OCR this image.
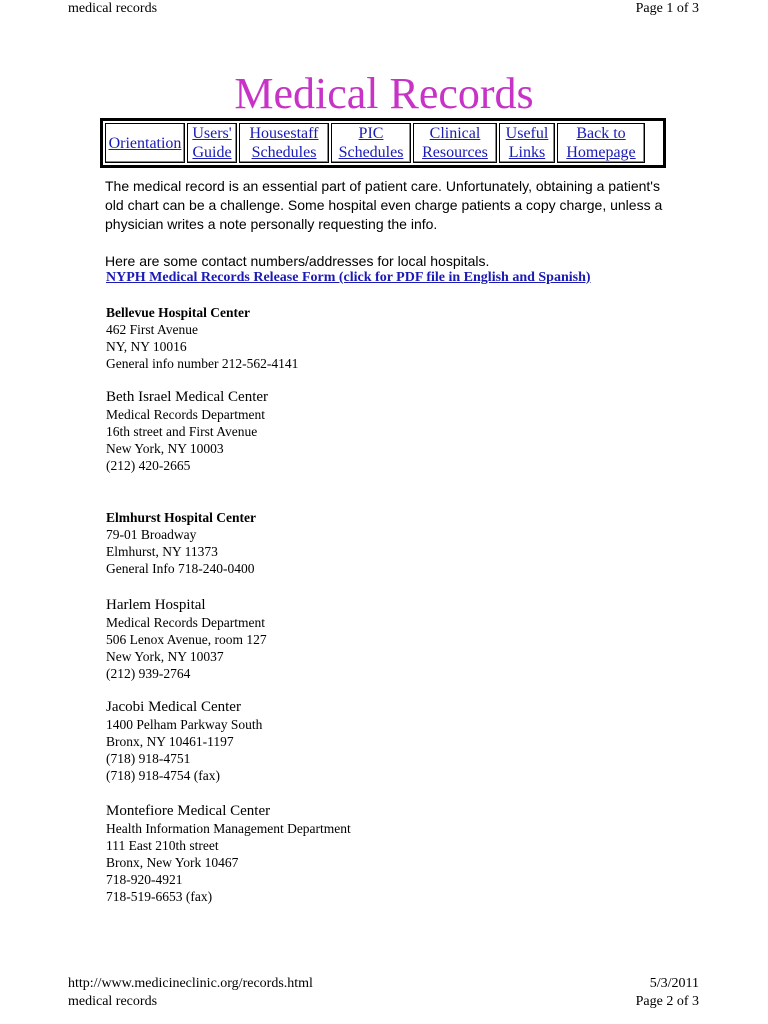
medical records	Page 1 of 3
Medical Records
Orientation
Users'
Guide
Housestaff
Schedules
PIC
Schedules
Clinical
Resources
Useful
Links
Back to
Homepage
The medical record is an essential part of patient care. Unfortunately, obtaining a patient's old chart can be a challenge. Some hospital even charge patients a copy charge, unless a physician writes a note personally requesting the info.
Here are some contact numbers/addresses for local hospitals.
NYPH Medical Records Release Form (click for PDF file in English and Spanish)
Bellevue Hospital Center
462 First Avenue
NY, NY 10016
General info number 212-562-4141
Beth Israel Medical Center
Medical Records Department
16th street and First Avenue
New York, NY 10003
(212) 420-2665
Elmhurst Hospital Center
79-01 Broadway
Elmhurst, NY 11373
General Info 718-240-0400
Harlem Hospital
Medical Records Department
506 Lenox Avenue, room 127
New York, NY 10037
(212) 939-2764
Jacobi Medical Center
1400 Pelham Parkway South
Bronx, NY 10461-1197
(718) 918-4751
(718) 918-4754 (fax)
Montefiore Medical Center
Health Information Management Department
111 East 210th street
Bronx, New York 10467
718-920-4921
718-519-6653 (fax)
http://www.medicineclinic.org/records.html
medical records
5/3/2011
Page 2 of 3
